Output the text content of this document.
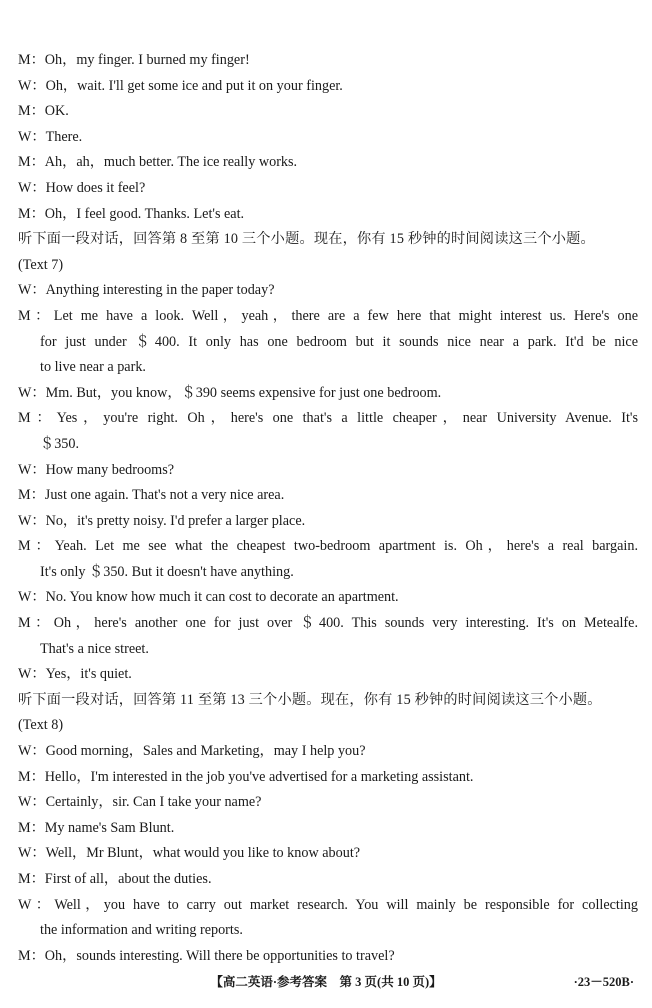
M：Oh，my finger. I burned my finger!
W：Oh，wait. I'll get some ice and put it on your finger.
M：OK.
W：There.
M：Ah，ah，much better. The ice really works.
W：How does it feel?
M：Oh，I feel good. Thanks. Let's eat.
听下面一段对话，回答第 8 至第 10 三个小题。现在，你有 15 秒钟的时间阅读这三个小题。
(Text 7)
W：Anything interesting in the paper today?
M：Let me have a look. Well，yeah，there are a few here that might interest us. Here's one
for just under ＄400. It only has one bedroom but it sounds nice near a park. It'd be nice
to live near a park.
W：Mm. But，you know，＄390 seems expensive for just one bedroom.
M：Yes，you're right. Oh，here's one that's a little cheaper，near University Avenue. It's
＄350.
W：How many bedrooms?
M：Just one again. That's not a very nice area.
W：No，it's pretty noisy. I'd prefer a larger place.
M：Yeah. Let me see what the cheapest two-bedroom apartment is. Oh，here's a real bargain.
It's only ＄350. But it doesn't have anything.
W：No. You know how much it can cost to decorate an apartment.
M：Oh，here's another one for just over ＄400. This sounds very interesting. It's on Metealfe.
That's a nice street.
W：Yes，it's quiet.
听下面一段对话，回答第 11 至第 13 三个小题。现在，你有 15 秒钟的时间阅读这三个小题。
(Text 8)
W：Good morning，Sales and Marketing，may I help you?
M：Hello，I'm interested in the job you've advertised for a marketing assistant.
W：Certainly，sir. Can I take your name?
M：My name's Sam Blunt.
W：Well，Mr Blunt，what would you like to know about?
M：First of all，about the duties.
W：Well，you have to carry out market research. You will mainly be responsible for collecting
the information and writing reports.
M：Oh，sounds interesting. Will there be opportunities to travel?
【高二英语·参考答案　第 3 页(共 10 页)】	·23－520B·
